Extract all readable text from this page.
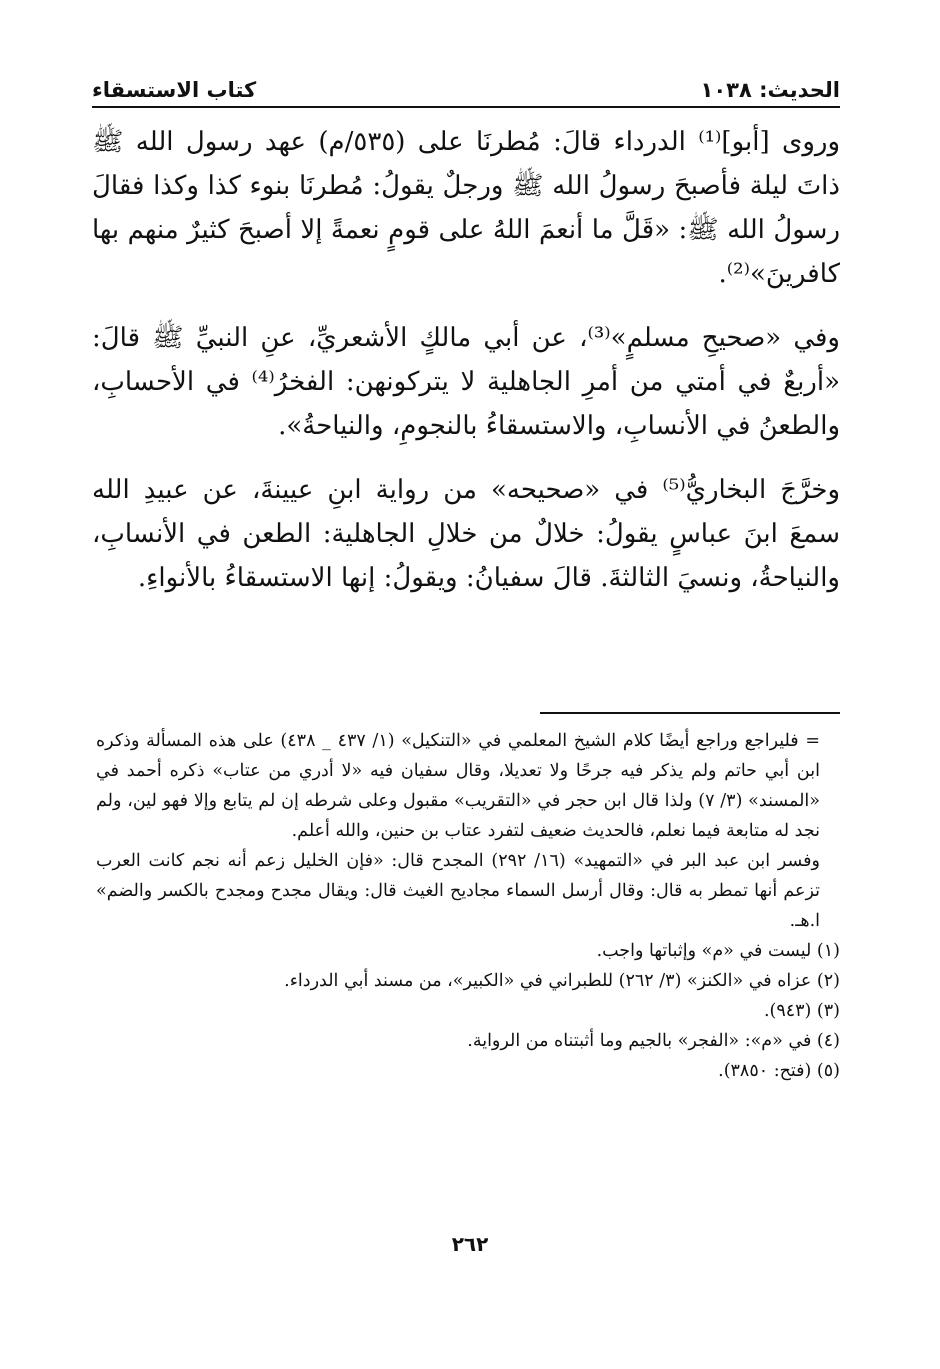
الحديث: ١٠٣٨
كتاب الاستسقاء

وروى [أبو]⁽¹⁾ الدرداء قالَ: مُطرنَا على (٥٣٥/م) عهد رسول الله ﷺ ذاتَ ليلة فأصبحَ رسولُ الله ﷺ ورجلٌ يقولُ: مُطرنَا بنوء كذا وكذا فقالَ رسولُ الله ﷺ: «قَلَّ ما أنعمَ اللهُ على قومٍ نعمةً إلا أصبحَ كثيرٌ منهم بها كافرينَ»⁽²⁾.

وفي «صحيحِ مسلمٍ»⁽³⁾، عن أبي مالكٍ الأشعريِّ، عنِ النبيِّ ﷺ قالَ: «أربعٌ في أمتي من أمرِ الجاهلية لا يتركونهن: الفخرُ⁽⁴⁾ في الأحسابِ، والطعنُ في الأنسابِ، والاستسقاءُ بالنجومِ، والنياحةُ».

وخرَّجَ البخاريُّ⁽⁵⁾ في «صحيحه» من رواية ابنِ عيينةَ، عن عبيدِ الله سمعَ ابنَ عباسٍ يقولُ: خلالٌ من خلالِ الجاهلية: الطعن في الأنسابِ، والنياحةُ، ونسيَ الثالثةَ. قالَ سفيانُ: ويقولُ: إنها الاستسقاءُ بالأنواءِ.

= فليراجع وراجع أيضًا كلام الشيخ المعلمي في «التنكيل» (١/ ٤٣٧ _ ٤٣٨) على هذه المسألة وذكره ابن أبي حاتم ولم يذكر فيه جرحًا ولا تعديلا، وقال سفيان فيه «لا أدري من عتاب» ذكره أحمد في «المسند» (٣/ ٧) ولذا قال ابن حجر في «التقريب» مقبول وعلى شرطه إن لم يتابع وإلا فهو لين، ولم نجد له متابعة فيما نعلم، فالحديث ضعيف لتفرد عتاب بن حنين، والله أعلم.

وفسر ابن عبد البر في «التمهيد» (١٦/ ٢٩٢) المجدح قال: «فإن الخليل زعم أنه نجم كانت العرب تزعم أنها تمطر به قال: وقال أرسل السماء مجاديح الغيث قال: ويقال مجدح ومجدح بالكسر والضم» ا.هـ.

(١) ليست في «م» وإثباتها واجب.

(٢) عزاه في «الكنز» (٣/ ٢٦٢) للطبراني في «الكبير»، من مسند أبي الدرداء.

(٣) (٩٤٣).

(٤) في «م»: «الفجر» بالجيم وما أثبتناه من الرواية.

(٥) (فتح: ٣٨٥٠).

٢٦٢
